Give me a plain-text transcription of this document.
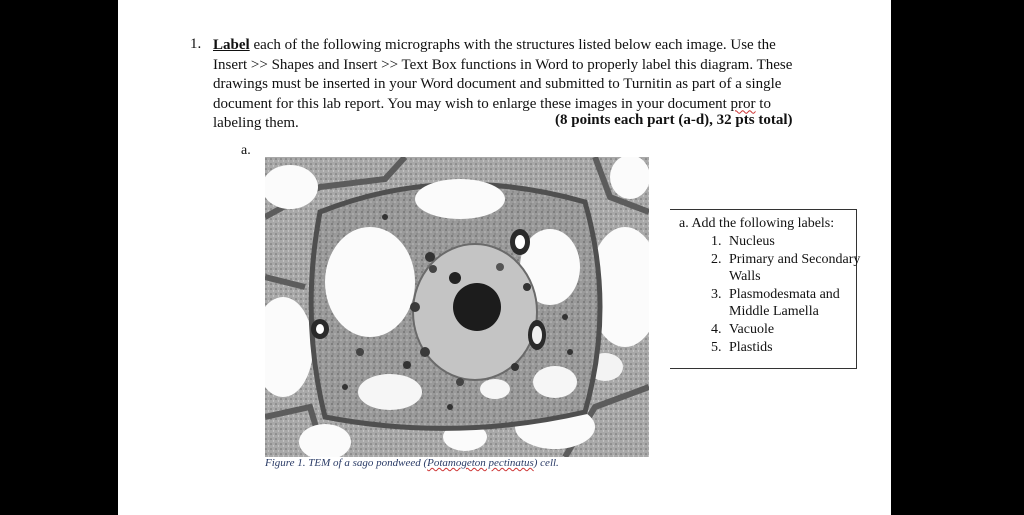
1. Label each of the following micrographs with the structures listed below each image. Use the Insert >> Shapes and Insert >> Text Box functions in Word to properly label this diagram. These drawings must be inserted in your Word document and submitted to Turnitin as part of a single document for this lab report. You may wish to enlarge these images in your document pror to labeling them.	(8 points each part (a-d), 32 pts total)
a.
Figure 1. TEM of a sago pondweed (Potamogeton pectinatus) cell.
a. Add the following labels:
1. Nucleus
2. Primary and Secondary Walls
3. Plasmodesmata and Middle Lamella
4. Vacuole
5. Plastids
